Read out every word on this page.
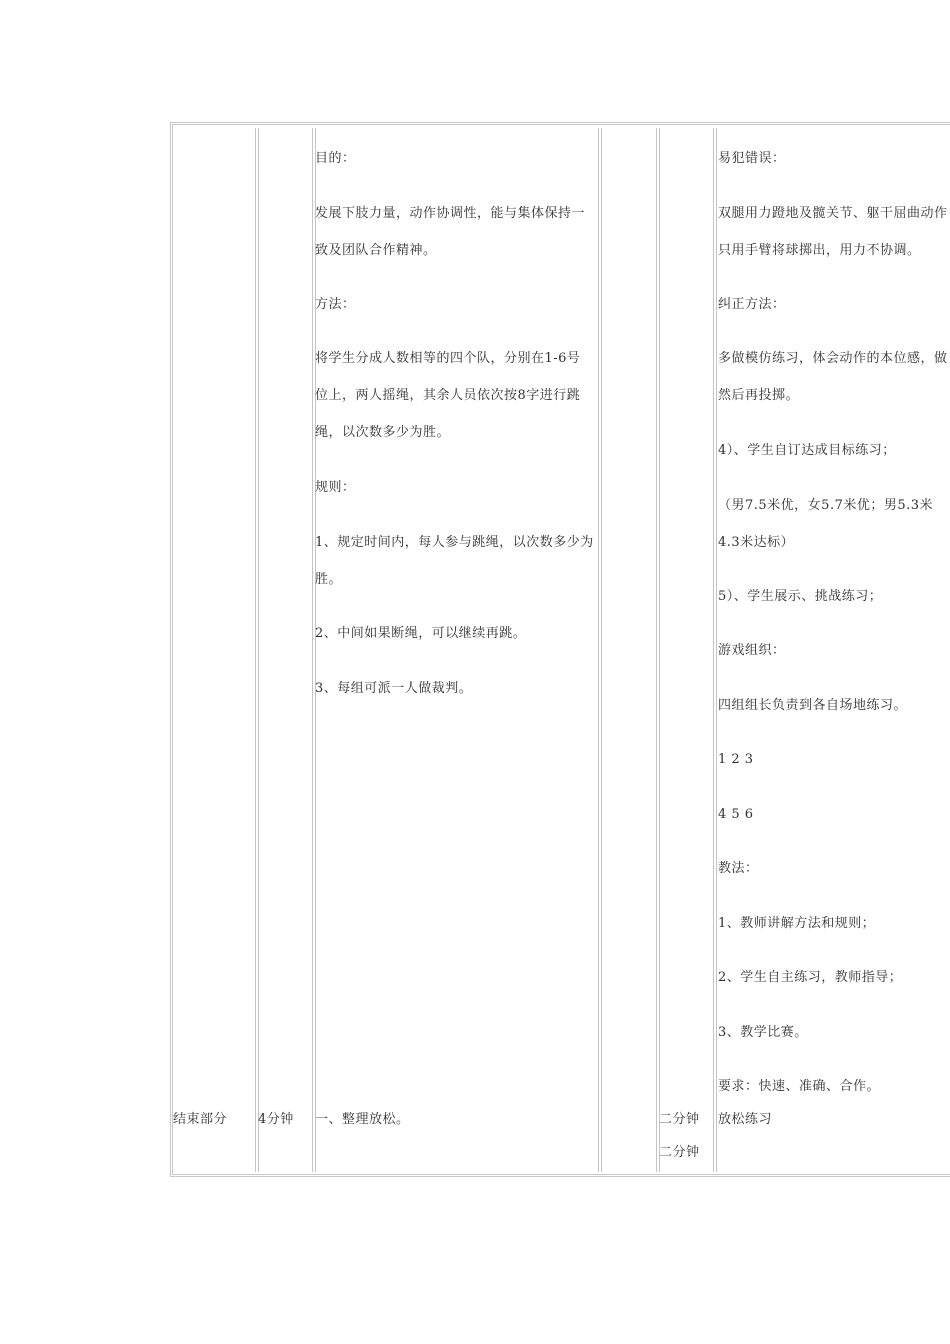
目的：
发展下肢力量，动作协调性，能与集体保持一
致及团队合作精神。
方法：
将学生分成人数相等的四个队，分别在1-6号
位上，两人摇绳，其余人员依次按8字进行跳
绳，以次数多少为胜。
规则：
1、规定时间内，每人参与跳绳，以次数多少为
胜。
2、中间如果断绳，可以继续再跳。
3、每组可派一人做裁判。
易犯错误：
双腿用力蹬地及髋关节、躯干屈曲动作
只用手臂将球掷出，用力不协调。
纠正方法：
多做模仿练习，体会动作的本位感，做
然后再投掷。
4）、学生自订达成目标练习；
（男7.5米优，女5.7米优；男5.3米
4.3米达标）
5）、学生展示、挑战练习；
游戏组织：
四组组长负责到各自场地练习。
1 2 3
4 5 6
教法：
1、教师讲解方法和规则；
2、学生自主练习，教师指导；
3、教学比赛。
要求：快速、准确、合作。
结束部分 4分钟 一、整理放松。	二分钟
二分钟
放松练习
